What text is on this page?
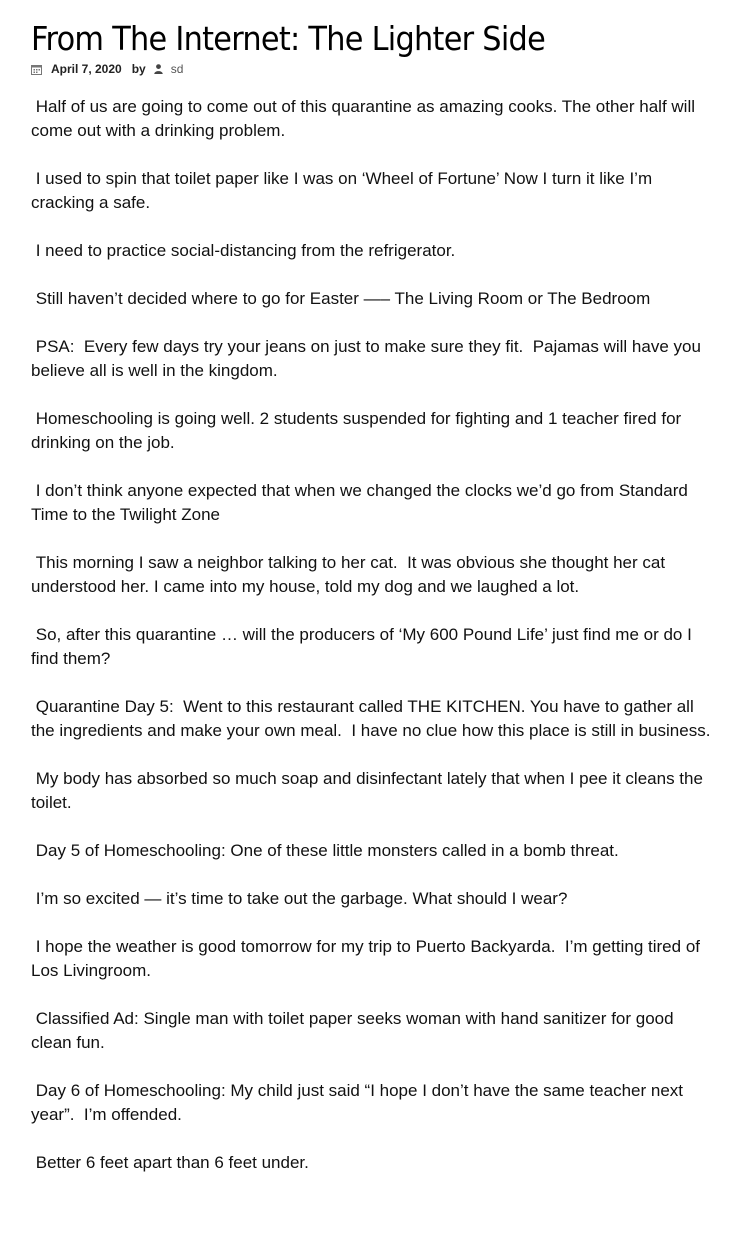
From The Internet: The Lighter Side
April 7, 2020 by sd

Half of us are going to come out of this quarantine as amazing cooks. The other half will come out with a drinking problem.

I used to spin that toilet paper like I was on ‘Wheel of Fortune’ Now I turn it like I’m cracking a safe.

I need to practice social-distancing from the refrigerator.

Still haven’t decided where to go for Easter —– The Living Room or The Bedroom

PSA:  Every few days try your jeans on just to make sure they fit.  Pajamas will have you believe all is well in the kingdom.

Homeschooling is going well. 2 students suspended for fighting and 1 teacher fired for drinking on the job.

I don’t think anyone expected that when we changed the clocks we’d go from Standard Time to the Twilight Zone

This morning I saw a neighbor talking to her cat.  It was obvious she thought her cat understood her. I came into my house, told my dog and we laughed a lot.

So, after this quarantine … will the producers of ‘My 600 Pound Life’ just find me or do I find them?

Quarantine Day 5:  Went to this restaurant called THE KITCHEN. You have to gather all the ingredients and make your own meal.  I have no clue how this place is still in business.

My body has absorbed so much soap and disinfectant lately that when I pee it cleans the toilet.

Day 5 of Homeschooling: One of these little monsters called in a bomb threat.

I’m so excited — it’s time to take out the garbage. What should I wear?

I hope the weather is good tomorrow for my trip to Puerto Backyarda.  I’m getting tired of Los Livingroom.

Classified Ad: Single man with toilet paper seeks woman with hand sanitizer for good clean fun.

Day 6 of Homeschooling: My child just said “I hope I don’t have the same teacher next year”.  I’m offended.

Better 6 feet apart than 6 feet under.
